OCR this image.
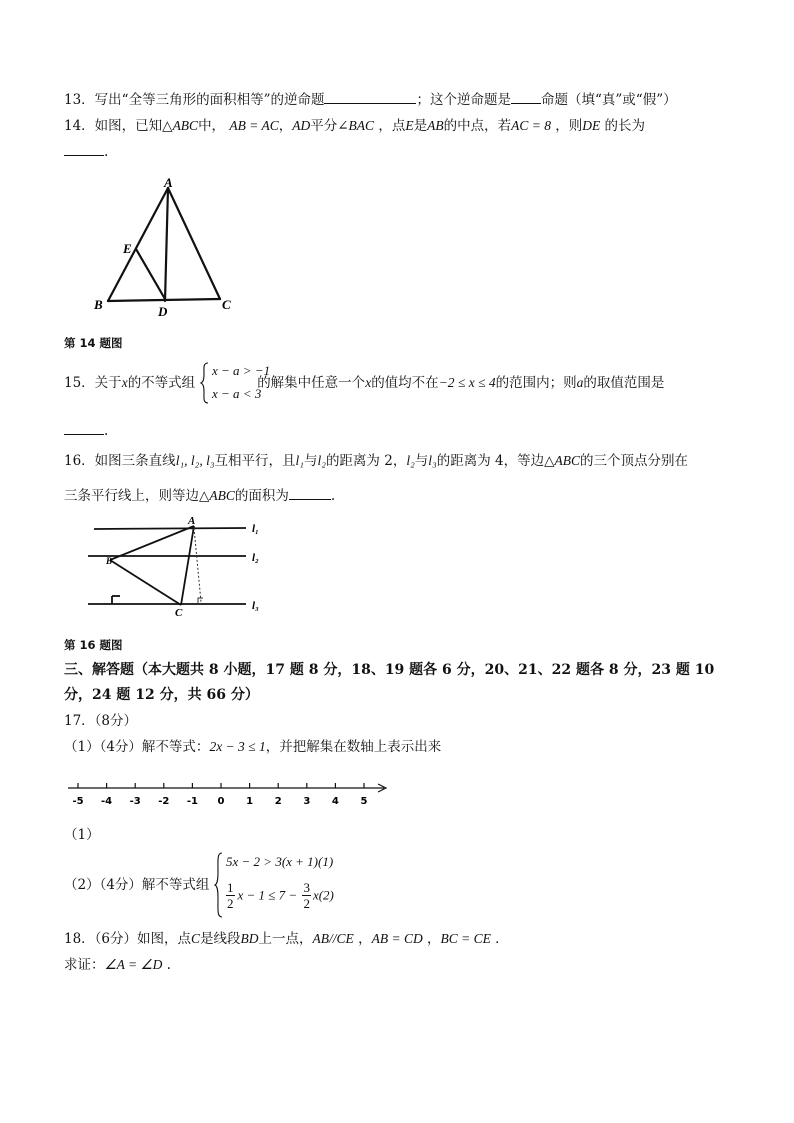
13．写出“全等三角形的面积相等”的逆命题	；这个逆命题是 命题（填“真”或“假”）
14．如图，已知△ABC中， AB = AC，AD平分∠BAC ，点E是AB的中点，若AC = 8 ，则DE 的长为
.
A
E
B	D	C
第 14 题图
15．关于x的不等式组	的解集中任意一个x的值均不在−2 ≤ x ≤ 4的范围内；则a的取值范围是
x − a > −1
x − a < 3
.
16．如图三条直线l₁, l₂, l₃互相平行，且l₁与l₂的距离为 2，l₂与l₃的距离为 4，等边△ABC的三个顶点分别在
三条平行线上，则等边△ABC的面积为	.
A
B
C
l₁
l₂
l₃
第 16 题图
三、解答题（本大题共 8 小题，17 题 8 分，18、19 题各 6 分，20、21、22 题各 8 分，23 题 10
分，24 题 12 分，共 66 分）
17．（8分）
（1）（4分）解不等式：2x − 3 ≤ 1，并把解集在数轴上表示出来
-5 -4 -3 -2 -1 0 1 2 3 4 5
（1）
（2）（4分）解不等式组
5x − 2 > 3(x + 1)(1)
$\frac{1}{2}$ $x - 1 \le 7 - \frac{3}{2} x(2)$
18．（6分）如图，点C是线段BD上一点，AB//CE ，AB = CD ，BC = CE ．
求证：∠A = ∠D .
